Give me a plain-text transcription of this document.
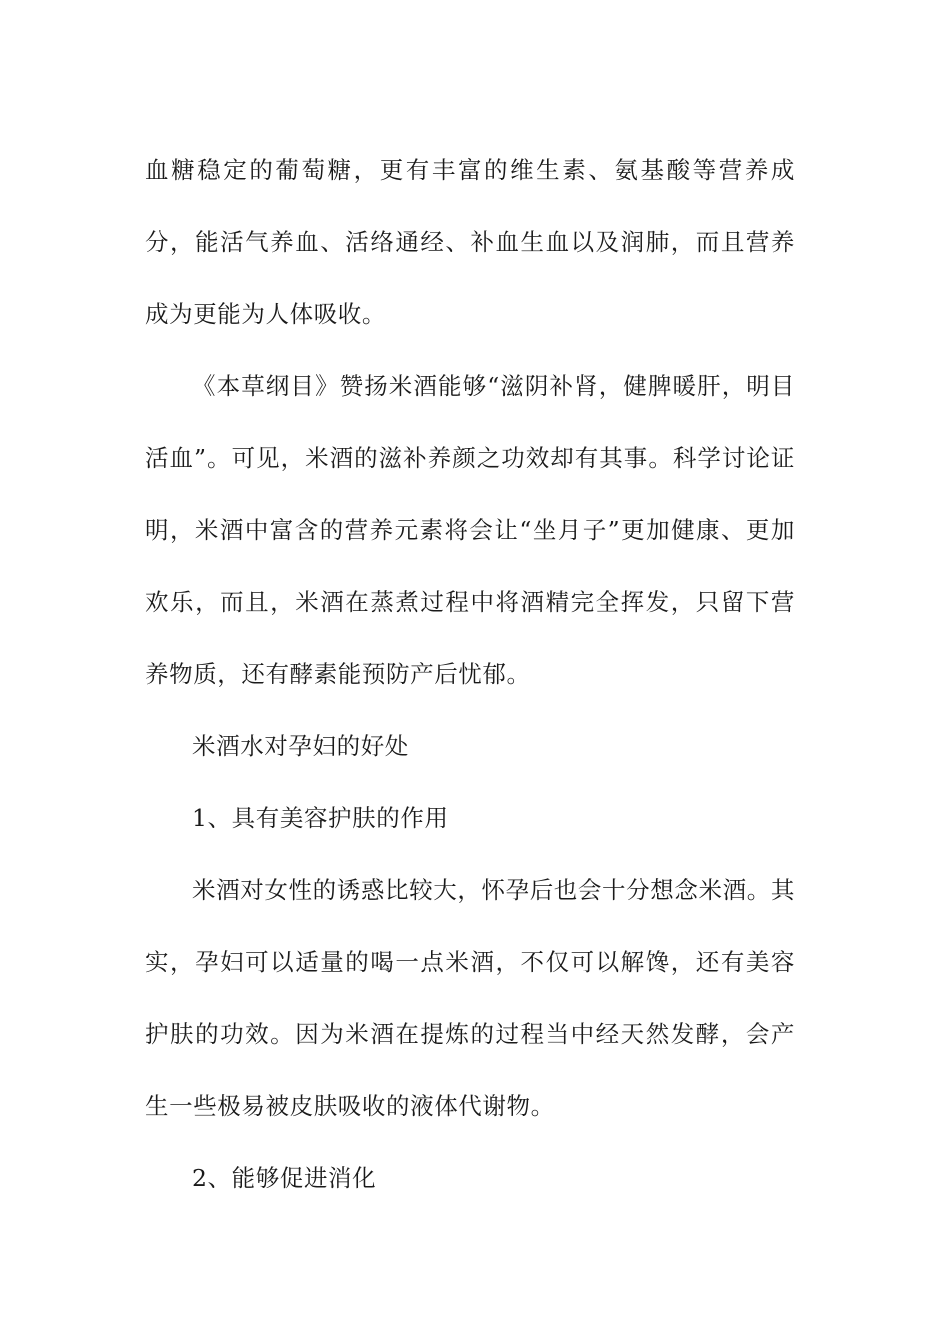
血糖稳定的葡萄糖，更有丰富的维生素、氨基酸等营养成分，能活气养血、活络通经、补血生血以及润肺，而且营养成为更能为人体吸收。

《本草纲目》赞扬米酒能够“滋阴补肾，健脾暖肝，明目活血”。可见，米酒的滋补养颜之功效却有其事。科学讨论证明，米酒中富含的营养元素将会让“坐月子”更加健康、更加欢乐，而且，米酒在蒸煮过程中将酒精完全挥发，只留下营养物质，还有酵素能预防产后忧郁。

米酒水对孕妇的好处

1、具有美容护肤的作用

米酒对女性的诱惑比较大，怀孕后也会十分想念米酒。其实，孕妇可以适量的喝一点米酒，不仅可以解馋，还有美容护肤的功效。因为米酒在提炼的过程当中经天然发酵，会产生一些极易被皮肤吸收的液体代谢物。

2、能够促进消化
